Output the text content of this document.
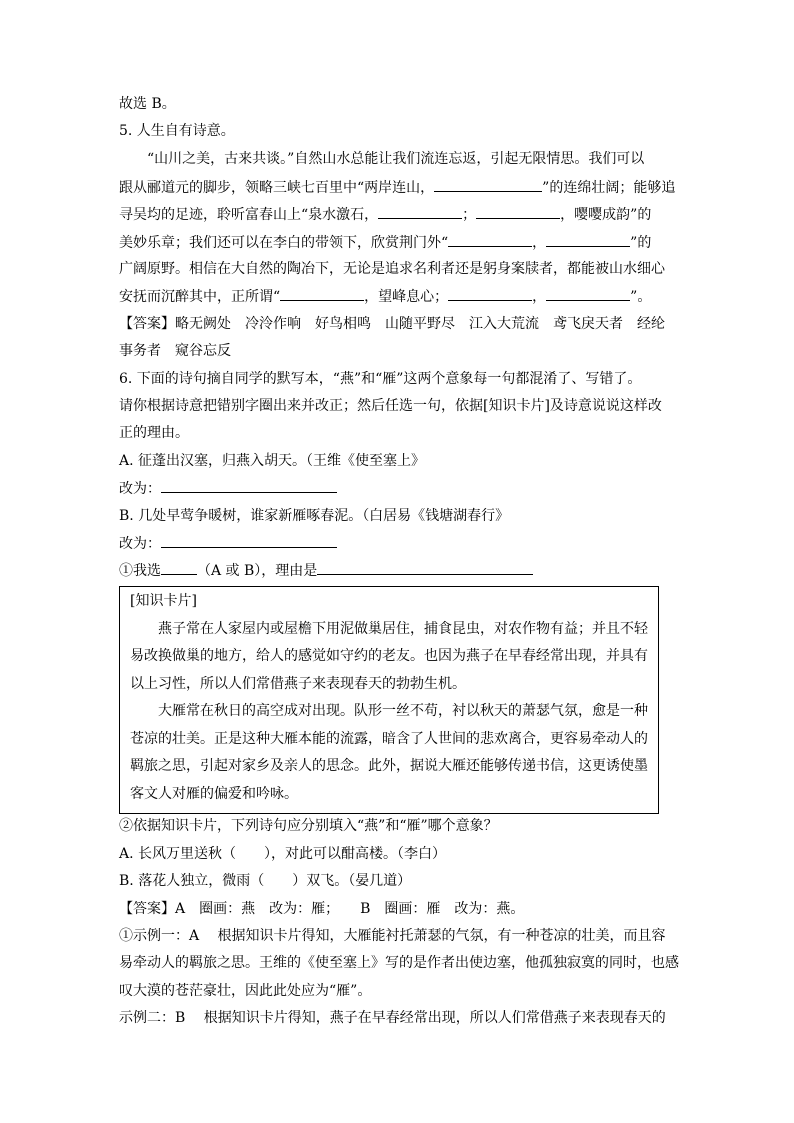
故选 B。
5. 人生自有诗意。
“山川之美，古来共谈。”自然山水总能让我们流连忘返，引起无限情思。我们可以
跟从郦道元的脚步，领略三峡七百里中“两岸连山，	”的连绵壮阔；能够追
寻吴均的足迹，聆听富春山上“泉水激石，	；	，嘤嘤成韵”的
美妙乐章；我们还可以在李白的带领下，欣赏荆门外“	，	”的
广阔原野。相信在大自然的陶冶下，无论是追求名利者还是躬身案牍者，都能被山水细心
安抚而沉醉其中，正所谓“	，望峰息心；	，	”。
【答案】略无阙处　冷泠作响　好鸟相鸣　山随平野尽　江入大荒流　鸢飞戾天者　经纶
事务者　窥谷忘反
6. 下面的诗句摘自同学的默写本，“燕”和“雁”这两个意象每一句都混淆了、写错了。
请你根据诗意把错别字圈出来并改正；然后任选一句，依据[知识卡片]及诗意说说这样改
正的理由。
A. 征蓬出汉塞，归燕入胡天。（王维《使至塞上》
改为：
B. 几处早莺争暖树，谁家新雁啄春泥。（白居易《钱塘湖春行》
改为：
①我选	（A 或 B），理由是
[知识卡片]
燕子常在人家屋内或屋檐下用泥做巢居住，捕食昆虫，对农作物有益；并且不轻
易改换做巢的地方，给人的感觉如守约的老友。也因为燕子在早春经常出现，并具有
以上习性，所以人们常借燕子来表现春天的勃勃生机。
大雁常在秋日的高空成对出现。队形一丝不苟，衬以秋天的萧瑟气氛，愈是一种
苍凉的壮美。正是这种大雁本能的流露，暗含了人世间的悲欢离合，更容易牵动人的
羁旅之思，引起对家乡及亲人的思念。此外，据说大雁还能够传递书信，这更诱使墨
客文人对雁的偏爱和吟咏。
②依据知识卡片，下列诗句应分别填入“燕”和“雁”哪个意象？
A. 长风万里送秋（　　），对此可以酣高楼。（李白）
B. 落花人独立，微雨（　　）双飞。（晏几道）
【答案】A　圈画：燕　改为：雁；　　B　圈画：雁　改为：燕。
①示例一：A　 根据知识卡片得知，大雁能衬托萧瑟的气氛，有一种苍凉的壮美，而且容
易牵动人的羁旅之思。王维的《使至塞上》写的是作者出使边塞，他孤独寂寞的同时，也感
叹大漠的苍茫豪壮，因此此处应为“雁”。
示例二：B　 根据知识卡片得知，燕子在早春经常出现，所以人们常借燕子来表现春天的
